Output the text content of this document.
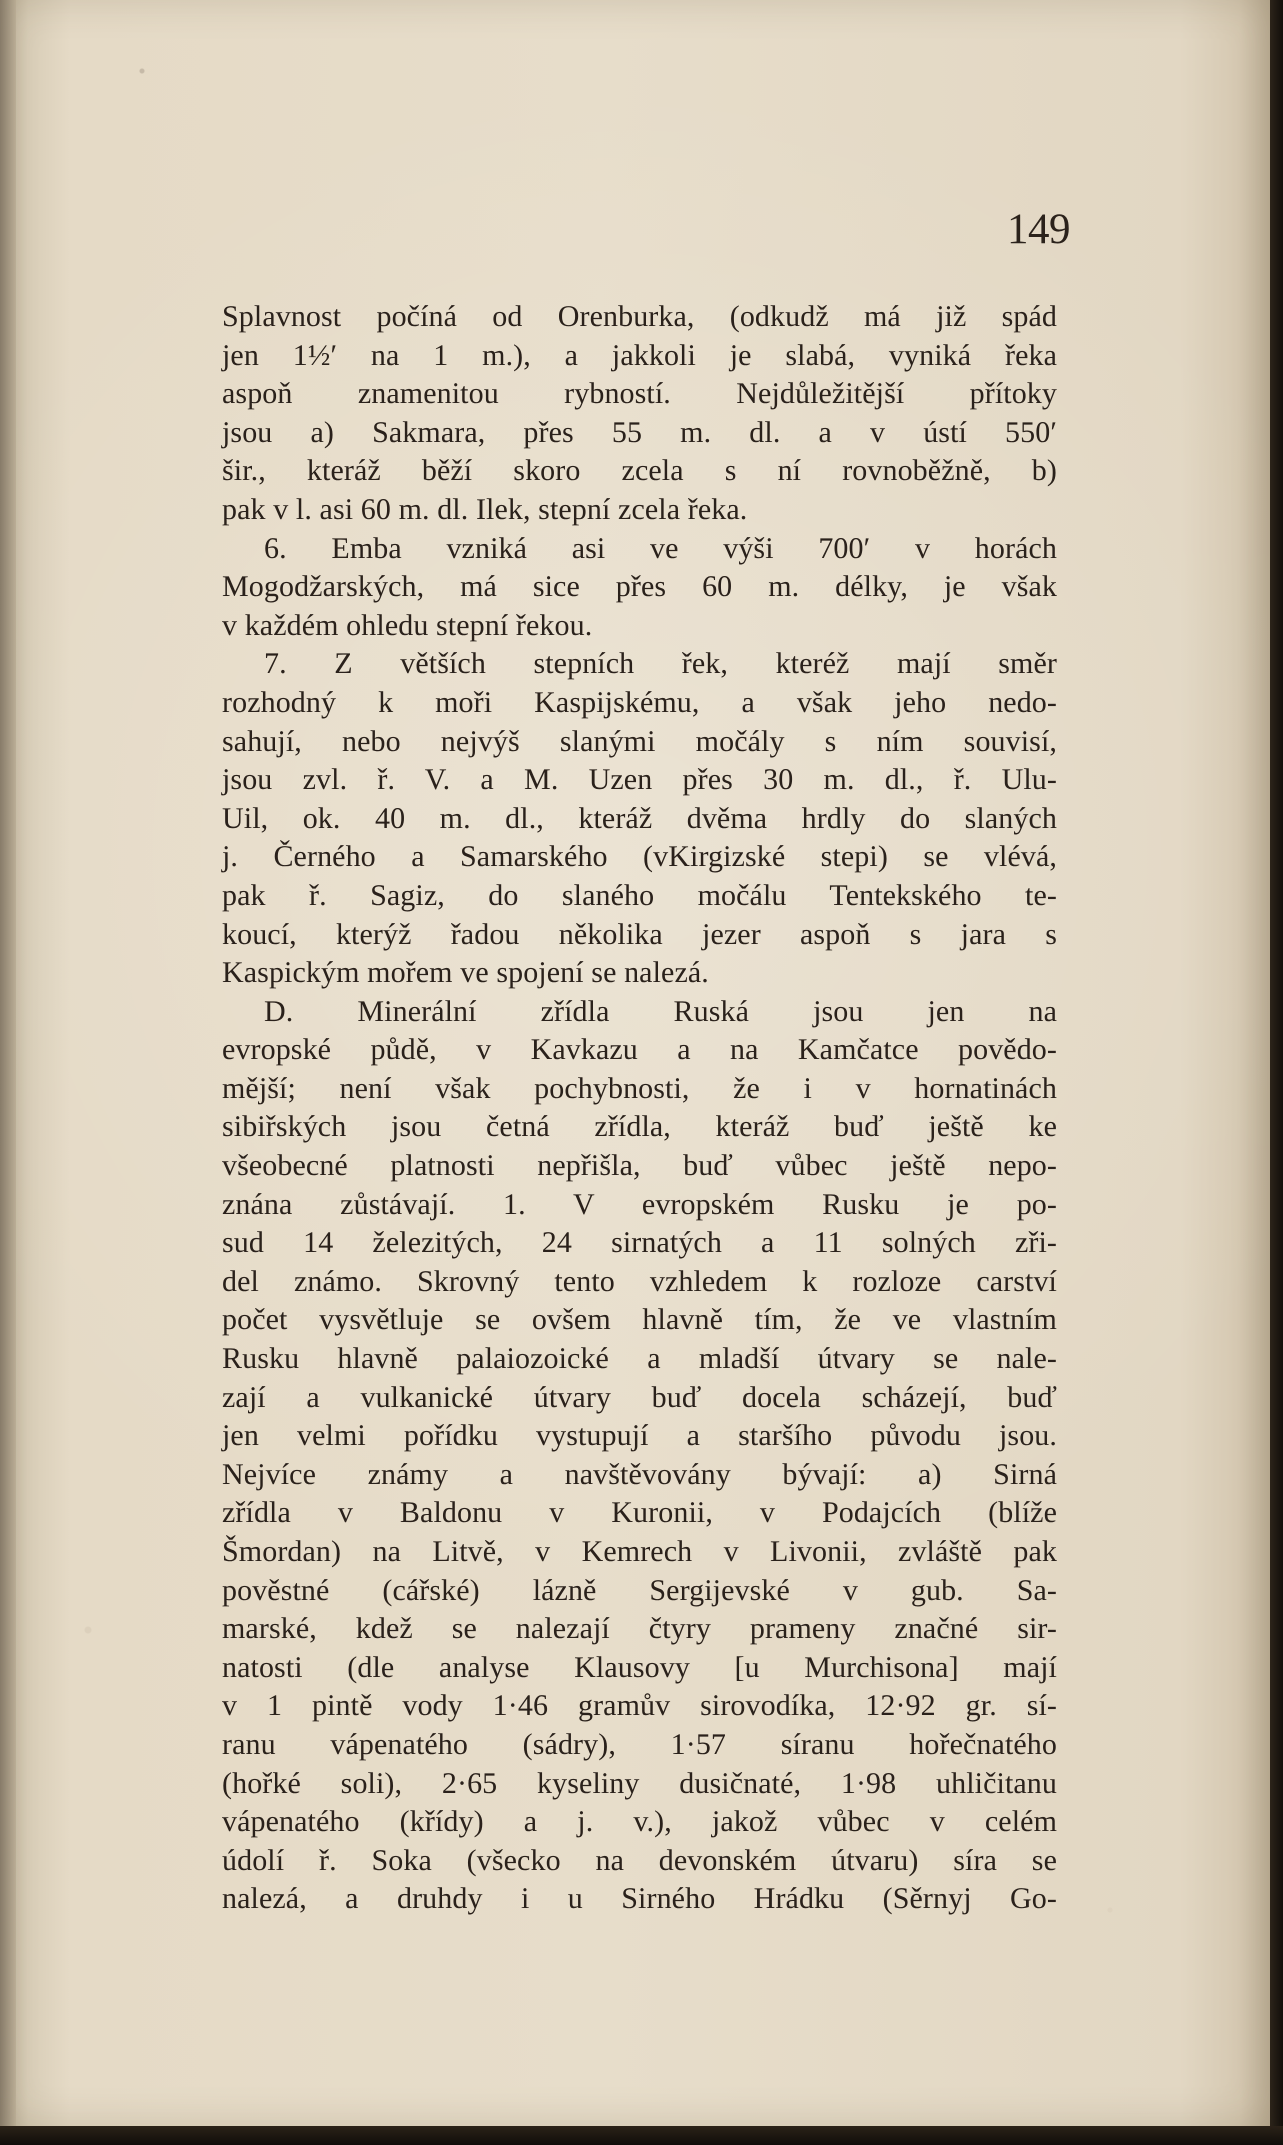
149
Splavnost počíná od Orenburka, (odkudž má již spád
jen 1½′ na 1 m.), a jakkoli je slabá, vyniká řeka
aspoň znamenitou rybností. Nejdůležitější přítoky
jsou a) Sakmara, přes 55 m. dl. a v ústí 550′
šir., kteráž běží skoro zcela s ní rovnoběžně, b)
pak v l. asi 60 m. dl. Ilek, stepní zcela řeka.
6. Emba vzniká asi ve výši 700′ v horách
Mogodžarských, má sice přes 60 m. délky, je však
v každém ohledu stepní řekou.
7. Z větších stepních řek, kteréž mají směr
rozhodný k moři Kaspijskému, a však jeho nedo-
sahují, nebo nejvýš slanými močály s ním souvisí,
jsou zvl. ř. V. a M. Uzen přes 30 m. dl., ř. Ulu-
Uil, ok. 40 m. dl., kteráž dvěma hrdly do slaných
j. Černého a Samarského (vKirgizské stepi) se vlévá,
pak ř. Sagiz, do slaného močálu Tentekského te-
koucí, kterýž řadou několika jezer aspoň s jara s
Kaspickým mořem ve spojení se nalezá.
D. Minerální zřídla Ruská jsou jen na
evropské půdě, v Kavkazu a na Kamčatce povědo-
mější; není však pochybnosti, že i v hornatinách
sibiřských jsou četná zřídla, kteráž buď ještě ke
všeobecné platnosti nepřišla, buď vůbec ještě nepo-
znána zůstávají. 1. V evropském Rusku je po-
sud 14 železitých, 24 sirnatých a 11 solných zři-
del známo. Skrovný tento vzhledem k rozloze carství
počet vysvětluje se ovšem hlavně tím, že ve vlastním
Rusku hlavně palaiozoické a mladší útvary se nale-
zají a vulkanické útvary buď docela scházejí, buď
jen velmi pořídku vystupují a staršího původu jsou.
Nejvíce známy a navštěvovány bývají: a) Sirná
zřídla v Baldonu v Kuronii, v Podajcích (blíže
Šmordan) na Litvě, v Kemrech v Livonii, zvláště pak
pověstné (cářské) lázně Sergijevské v gub. Sa-
marské, kdež se nalezají čtyry prameny značné sir-
natosti (dle analyse Klausovy [u Murchisona] mají
v 1 pintě vody 1·46 gramův sirovodíka, 12·92 gr. sí-
ranu vápenatého (sádry), 1·57 síranu hořečnatého
(hořké soli), 2·65 kyseliny dusičnaté, 1·98 uhličitanu
vápenatého (křídy) a j. v.), jakož vůbec v celém
údolí ř. Soka (všecko na devonském útvaru) síra se
nalezá, a druhdy i u Sirného Hrádku (Sěrnyj Go-
